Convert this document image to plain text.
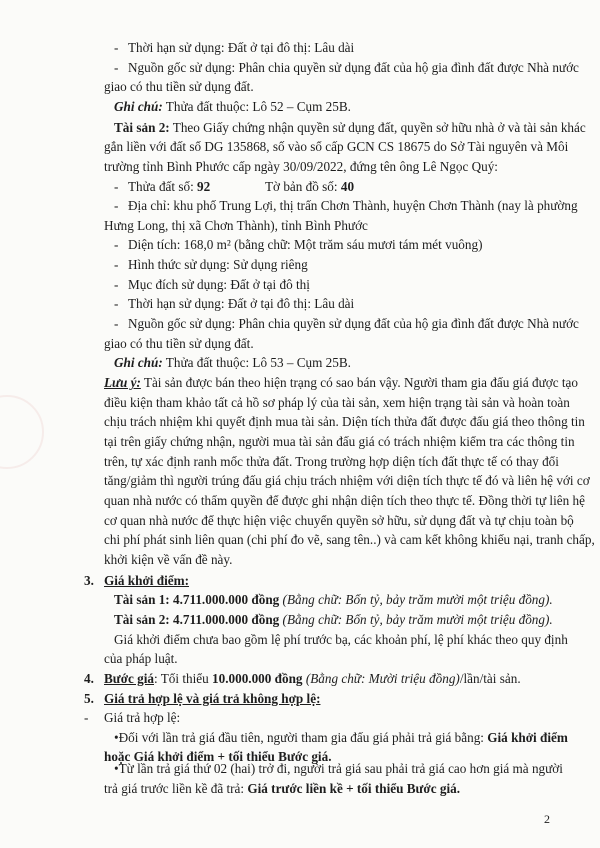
- Thời hạn sử dụng: Đất ở tại đô thị: Lâu dài
- Nguồn gốc sử dụng: Phân chia quyền sử dụng đất của hộ gia đình đất được Nhà nước
giao có thu tiền sử dụng đất.
Ghi chú: Thửa đất thuộc: Lô 52 – Cụm 25B.
Tài sản 2: Theo Giấy chứng nhận quyền sử dụng đất, quyền sở hữu nhà ở và tài sản khác
gắn liền với đất số DG 135868, số vào sổ cấp GCN CS 18675 do Sở Tài nguyên và Môi
trường tỉnh Bình Phước cấp ngày 30/09/2022, đứng tên ông Lê Ngọc Quý:
- Thửa đất số: 92	Tờ bản đồ số: 40
- Địa chỉ: khu phố Trung Lợi, thị trấn Chơn Thành, huyện Chơn Thành (nay là phường
Hưng Long, thị xã Chơn Thành), tỉnh Bình Phước
- Diện tích: 168,0 m² (bằng chữ: Một trăm sáu mươi tám mét vuông)
- Hình thức sử dụng: Sử dụng riêng
- Mục đích sử dụng: Đất ở tại đô thị
- Thời hạn sử dụng: Đất ở tại đô thị: Lâu dài
- Nguồn gốc sử dụng: Phân chia quyền sử dụng đất của hộ gia đình đất được Nhà nước
giao có thu tiền sử dụng đất.
Ghi chú: Thửa đất thuộc: Lô 53 – Cụm 25B.
Lưu ý: Tài sản được bán theo hiện trạng có sao bán vậy. Người tham gia đấu giá được tạo
điều kiện tham khảo tất cả hồ sơ pháp lý của tài sản, xem hiện trạng tài sản và hoàn toàn
chịu trách nhiệm khi quyết định mua tài sản. Diện tích thửa đất được đấu giá theo thông tin
tại trên giấy chứng nhận, người mua tài sản đấu giá có trách nhiệm kiểm tra các thông tin
trên, tự xác định ranh mốc thửa đất. Trong trường hợp diện tích đất thực tế có thay đổi
tăng/giảm thì người trúng đấu giá chịu trách nhiệm với diện tích thực tế đó và liên hệ với cơ
quan nhà nước có thẩm quyền để được ghi nhận diện tích theo thực tế. Đồng thời tự liên hệ
cơ quan nhà nước để thực hiện việc chuyển quyền sở hữu, sử dụng đất và tự chịu toàn bộ
chi phí phát sinh liên quan (chi phí đo vẽ, sang tên..) và cam kết không khiếu nại, tranh chấp,
khởi kiện về vấn đề này.
3. Giá khởi điểm:
Tài sản 1: 4.711.000.000 đồng (Bằng chữ: Bốn tỷ, bảy trăm mười một triệu đồng).
Tài sản 2: 4.711.000.000 đồng (Bằng chữ: Bốn tỷ, bảy trăm mười một triệu đồng).
Giá khởi điểm chưa bao gồm lệ phí trước bạ, các khoản phí, lệ phí khác theo quy định
của pháp luật.
4. Bước giá: Tối thiểu 10.000.000 đồng (Bằng chữ: Mười triệu đồng)/lần/tài sản.
5. Giá trả hợp lệ và giá trả không hợp lệ:
- Giá trả hợp lệ:
•Đối với lần trả giá đầu tiên, người tham gia đấu giá phải trả giá bằng: Giá khởi điểm
hoặc Giá khởi điểm + tối thiểu Bước giá.
•Từ lần trả giá thứ 02 (hai) trở đi, người trả giá sau phải trả giá cao hơn giá mà người
trả giá trước liền kề đã trả: Giá trước liền kề + tối thiểu Bước giá.
2
